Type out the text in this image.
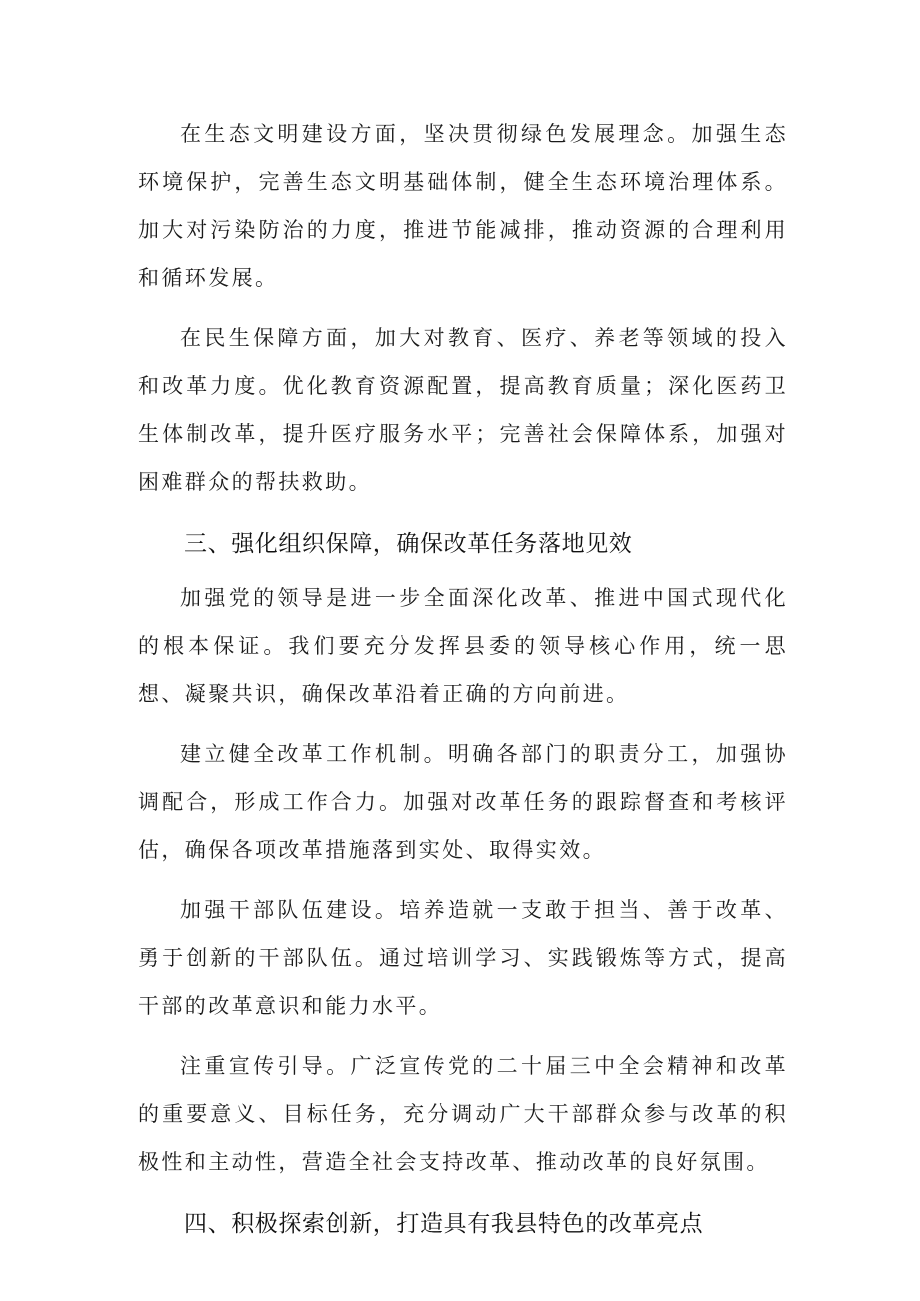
在生态文明建设方面，坚决贯彻绿色发展理念。加强生态环境保护，完善生态文明基础体制，健全生态环境治理体系。加大对污染防治的力度，推进节能减排，推动资源的合理利用和循环发展。

在民生保障方面，加大对教育、医疗、养老等领域的投入和改革力度。优化教育资源配置，提高教育质量；深化医药卫生体制改革，提升医疗服务水平；完善社会保障体系，加强对困难群众的帮扶救助。

三、强化组织保障，确保改革任务落地见效

加强党的领导是进一步全面深化改革、推进中国式现代化的根本保证。我们要充分发挥县委的领导核心作用，统一思想、凝聚共识，确保改革沿着正确的方向前进。

建立健全改革工作机制。明确各部门的职责分工，加强协调配合，形成工作合力。加强对改革任务的跟踪督查和考核评估，确保各项改革措施落到实处、取得实效。

加强干部队伍建设。培养造就一支敢于担当、善于改革、勇于创新的干部队伍。通过培训学习、实践锻炼等方式，提高干部的改革意识和能力水平。

注重宣传引导。广泛宣传党的二十届三中全会精神和改革的重要意义、目标任务，充分调动广大干部群众参与改革的积极性和主动性，营造全社会支持改革、推动改革的良好氛围。

四、积极探索创新，打造具有我县特色的改革亮点
